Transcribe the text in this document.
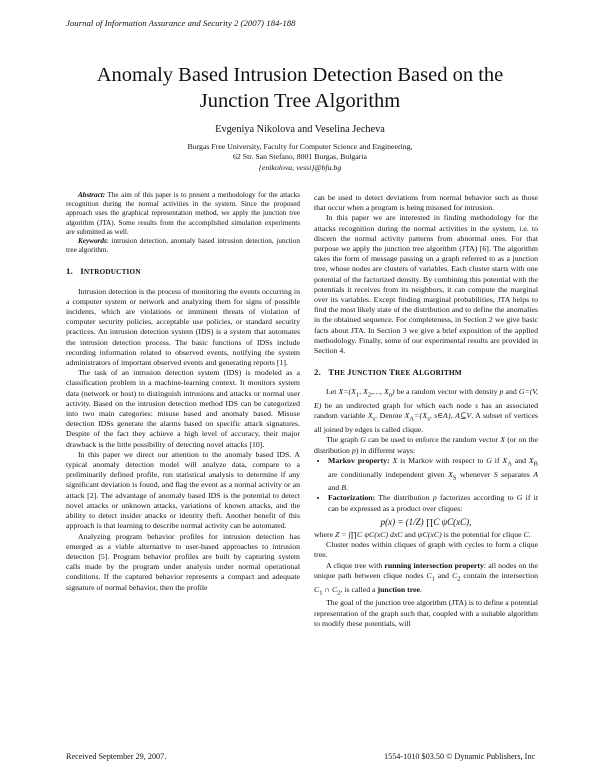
Journal of Information Assurance and Security 2 (2007) 184-188
Anomaly Based Intrusion Detection Based on the
Junction Tree Algorithm
Evgeniya Nikolova and Veselina Jecheva
Burgas Free University, Faculty for Computer Science and Engineering,
62 Str. San Stefano, 8001 Burgas, Bulgaria
{enikolova, vessi}@bfu.bg

Abstract: The aim of this paper is to present a methodology for the attacks recognition during the normal activities in the system. Since the proposed approach uses the graphical representation method, we apply the junction tree algorithm (JTA). Some results from the accomplished simulation experiments are submitted as well.

Keywords: intrusion detection, anomaly based intrusion detection, junction tree algorithm.

1. INTRODUCTION

Intrusion detection is the process of monitoring the events occurring in a computer system or network and analyzing them for signs of possible incidents, which are violations or imminent threats of violation of computer security policies, acceptable use policies, or standard security practices. An intrusion detection system (IDS) is a system that automates the intrusion detection process. The basic functions of IDSs include recording information related to observed events, notifying the system administrators of important observed events and generating reports [1].

The task of an intrusion detection system (IDS) is modeled as a classification problem in a machine-learning context. It monitors system data (network or host) to distinguish intrusions and attacks or normal user activity. Based on the intrusion detection method IDS can be categorized into two main categories: misuse based and anomaly based. Misuse detection IDSs generate the alarms based on specific attack signatures. Despite of the fact they achieve a high level of accuracy, their major drawback is the little possibility of detecting novel attacks [10].

In this paper we direct our attention to the anomaly based IDS. A typical anomaly detection model will analyze data, compare to a preliminarily defined profile, run statistical analysis to determine if any significant deviation is found, and flag the event as a normal activity or an attack [2]. The advantage of anomaly based IDS is the potential to detect novel attacks or unknown attacks, variations of known attacks, and the ability to detect insider attacks or identity theft. Another benefit of this approach is that learning to describe normal activity can be automated.

Analyzing program behavior profiles for intrusion detection has emerged as a viable alternative to user-based approaches to intrusion detection [5]. Program behavior profiles are built by capturing system calls made by the program under analysis under normal operational conditions. If the captured behavior represents a compact and adequate signature of normal behavior, then the profile

can be used to detect deviations from normal behavior such as those that occur when a program is being misused for intrusion.

In this paper we are interested in finding methodology for the attacks recognition during the normal activities in the system, i.e. to discern the normal activity patterns from abnormal ones. For that purpose we apply the junction tree algorithm (JTA) [6]. The algorithm takes the form of message passing on a graph referred to as a junction tree, whose nodes are clusters of variables. Each cluster starts with one potential of the factorized density. By combining this potential with the potentials it receives from its neighbors, it can compute the marginal over its variables. Except finding marginal probabilities, JTA helps to find the most likely state of the distribution and to define the anomalies in the obtained sequence. For completeness, in Section 2 we give basic facts about JTA. In Section 3 we give a brief exposition of the applied methodology. Finally, some of our experimental results are provided in Section 4.

2. THE JUNCTION TREE ALGORITHM

Let $X=(X_1$, $X_2,\dots$, $X_n$) be a random vector with density p and G=(V, E) be an undirected graph for which each node s has an associated random variable $X_s$. Denote $X_A=\{X_s$, s∈A}, A⊆V. A subset of vertices all joined by edges is called clique.

The graph G can be used to enforce the random vector X (or on the distribution p) in different ways:

• Markov property: X is Markov with respect to G if $X_A$ and $X_B$ are conditionally independent given $X_S$ whenever S separates A and B.
• Factorization: The distribution p factorizes according to G if it can be expressed as a product over cliques:
p(x) = (1/Z) ∏C ψC(xC),

where Z = ∫∏C ψC(xC) dxC and ψC(xC) is the potential for clique C.

Cluster nodes within cliques of graph with cycles to form a clique tree.

A clique tree with running intersection property: all nodes on the unique path between clique nodes $C_1$ and $C_2$ contain the intersection $C_1$ ∩ $C_2$, is called a junction tree.

The goal of the junction tree algorithm (JTA) is to define a potential representation of the graph such that, coupled with a suitable algorithm to modify these potentials, will

Received September 29, 2007.	1554-1010 $03.50 © Dynamic Publishers, Inc
